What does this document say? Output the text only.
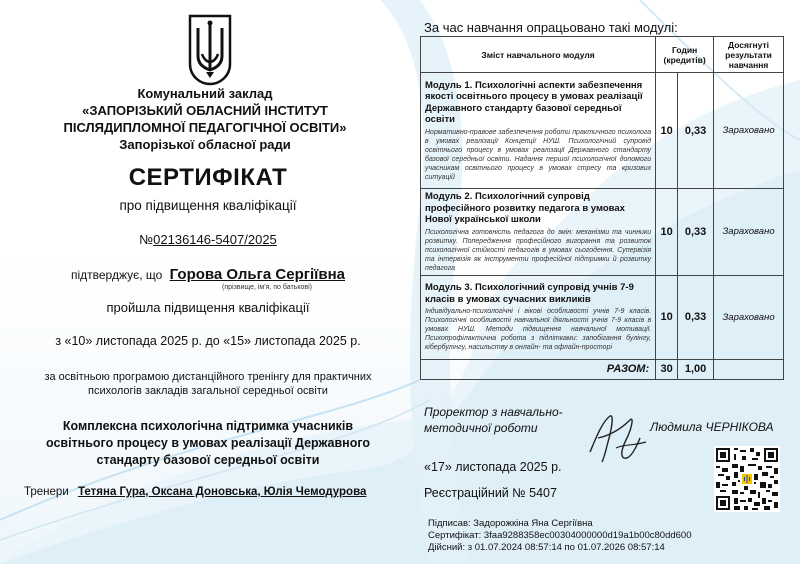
Комунальний заклад
«ЗАПОРІЗЬКИЙ ОБЛАСНИЙ ІНСТИТУТ
ПІСЛЯДИПЛОМНОЇ ПЕДАГОГІЧНОЇ ОСВІТИ»
Запорізької обласної ради
СЕРТИФІКАТ
про підвищення кваліфікації
№02136146-5407/2025
підтверджує, що Горова Ольга Сергіївна
(прізвище, ім'я, по батькові)
пройшла підвищення кваліфікації
з «10» листопада 2025 р. до «15» листопада 2025 р.
за освітньою програмою дистанційного тренінгу для практичних психологів закладів загальної середньої освіти
Комплексна психологічна підтримка учасників освітнього процесу в умовах реалізації Державного стандарту базової середньої освіти
Тренери Тетяна Гура, Оксана Доновська, Юлія Чемодурова
За час навчання опрацьовано такі модулі:
Зміст навчального модуля	Годин (кредитів)		Досягнуті результати навчання

Модуль 1. Психологічні аспекти забезпечення якості освітнього процесу в умовах реалізації Державного стандарту базової середньої освіти
Нормативно-правове забезпечення роботи практичного психолога в умовах реалізації Концепції НУШ. Психологічний супровід освітнього процесу в умовах реалізації Державного стандарту базової середньої освіти. Надання першої психологічної допомоги учасникам освітнього процесу в умовах стресу та кризових ситуацій	10	0,33	Зараховано

Модуль 2. Психологічний супровід професійного розвитку педагога в умовах Нової української школи
Психологічна готовність педагога до змін: механізми та чинники розвитку. Попередження професійного вигорання та розвиток психологічної стійкості педагогів в умовах сьогодення. Супервізія та інтервізія як інструменти професійної підтримки й розвитку педагога	10	0,33	Зараховано

Модуль 3. Психологічний супровід учнів 7-9 класів в умовах сучасних викликів
Індивідуально-психологічні і вікові особливості учнів 7-9 класів. Психологічні особливості навчальної діяльності учнів 7-9 класів в умовах НУШ. Методи підвищення навчальної мотивації. Психопрофілактична робота з підлітками: запобігання булінгу, кібербулінгу, насильству в онлайн- та офлайн-просторі	10	0,33	Зараховано
РАЗОМ:	30	1,00	
Проректор з навчально-методичної роботи	Людмила ЧЕРНІКОВА
«17» листопада 2025 р.
Реєстраційний № 5407
Підписав: Задорожкіна Яна Сергіївна
Сертифікат: 3faa9288358ec00304000000d19a1b00c80dd600
Дійсний: з 01.07.2024 08:57:14 по 01.07.2026 08:57:14
